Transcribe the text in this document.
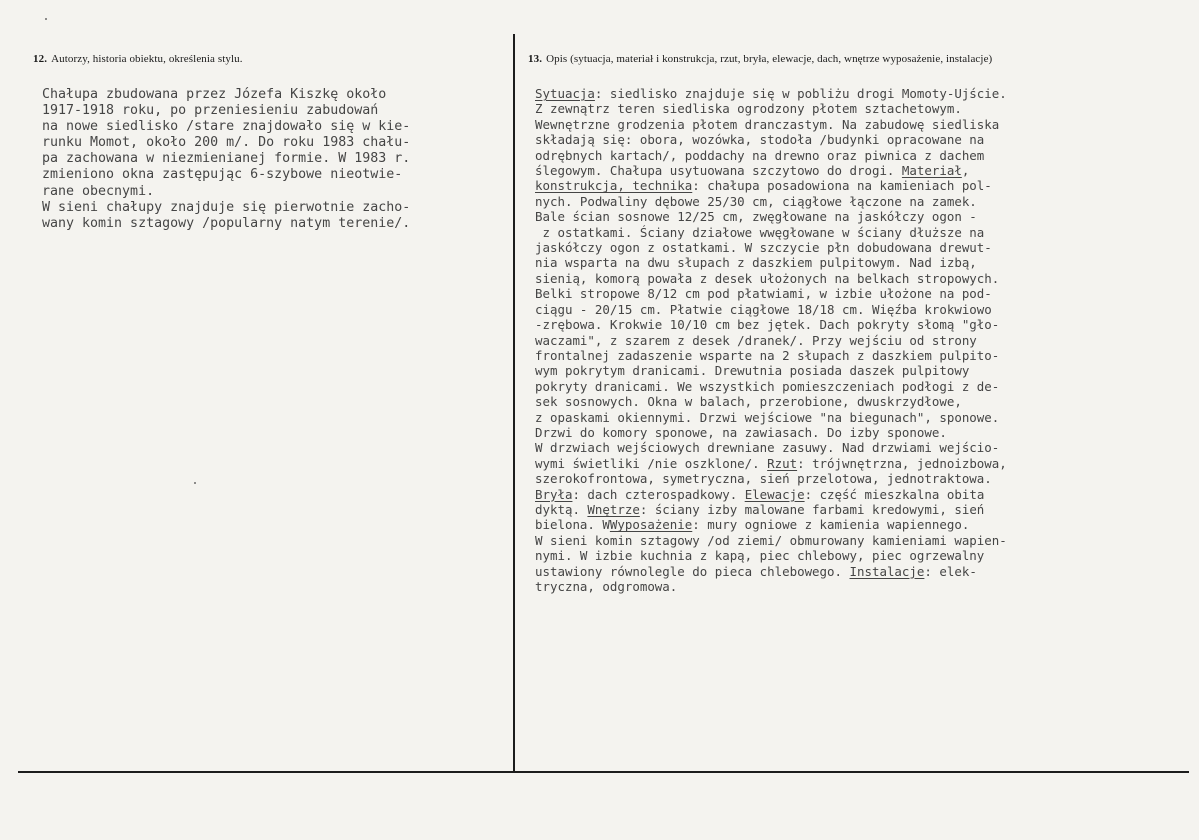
12. Autorzy, historia obiektu, określenia stylu.	13. Opis (sytuacja, materiał i konstrukcja, rzut, bryła, elewacje, dach, wnętrze wyposażenie, instalacje)
Chałupa zbudowana przez Józefa Kiszkę około
1917-1918 roku, po przeniesieniu zabudowań
na nowe siedlisko /stare znajdowało się w kie-
runku Momot, około 200 m/. Do roku 1983 chału-
pa zachowana w niezmienianej formie. W 1983 r.
zmieniono okna zastępując 6-szybowe nieotwie-
rane obecnymi.
W sieni chałupy znajduje się pierwotnie zacho-
wany komin sztagowy /popularny natym terenie/.
Sytuacja: siedlisko znajduje się w pobliżu drogi Momoty-Ujście.
Z zewnątrz teren siedliska ogrodzony płotem sztachetowym.
Wewnętrzne grodzenia płotem dranczastym. Na zabudowę siedliska
składają się: obora, wozówka, stodoła /budynki opracowane na
odrębnych kartach/, poddachy na drewno oraz piwnica z dachem
ślegowym. Chałupa usytuowana szczytowo do drogi. Materiał,
konstrukcja, technika: chałupa posadowiona na kamieniach pol-
nych. Podwaliny dębowe 25/30 cm, ciągłowe łączone na zamek.
Bale ścian sosnowe 12/25 cm, zwęgłowane na jaskółczy ogon -
z ostatkami. Ściany działowe wwęgłowane w ściany dłuższe na
jaskółczy ogon z ostatkami. W szczycie płn dobudowana drewut-
nia wsparta na dwu słupach z daszkiem pulpitowym. Nad izbą,
sienią, komorą powała z desek ułożonych na belkach stropowych.
Belki stropowe 8/12 cm pod płatwiami, w izbie ułożone na pod-
ciągu - 20/15 cm. Płatwie ciągłowe 18/18 cm. Więźba krokwiowo
-zrębowa. Krokwie 10/10 cm bez jętek. Dach pokryty słomą "gło-
waczami", z szarem z desek /dranek/. Przy wejściu od strony
frontalnej zadaszenie wsparte na 2 słupach z daszkiem pulpito-
wym pokrytym dranicami. Drewutnia posiada daszek pulpitowy
pokryty dranicami. We wszystkich pomieszczeniach podłogi z de-
sek sosnowych. Okna w balach, przerobione, dwuskrzydłowe,
z opaskami okiennymi. Drzwi wejściowe "na biegunach", sponowe.
Drzwi do komory sponowe, na zawiasach. Do izby sponowe.
W drzwiach wejściowych drewniane zasuwy. Nad drzwiami wejścio-
wymi świetliki /nie oszklone/. Rzut: trójwnętrzna, jednoizbowa,
szerokofrontowa, symetryczna, sień przelotowa, jednotraktowa.
Bryła: dach czterospadkowy. Elewacje: część mieszkalna obita
dyktą. Wnętrze: ściany izby malowane farbami kredowymi, sień
bielona. WWyposażenie: mury ogniowe z kamienia wapiennego.
W sieni komin sztagowy /od ziemi/ obmurowany kamieniami wapien-
nymi. W izbie kuchnia z kapą, piec chlebowy, piec ogrzewalny
ustawiony równolegle do pieca chlebowego. Instalacje: elek-
tryczna, odgromowa.
